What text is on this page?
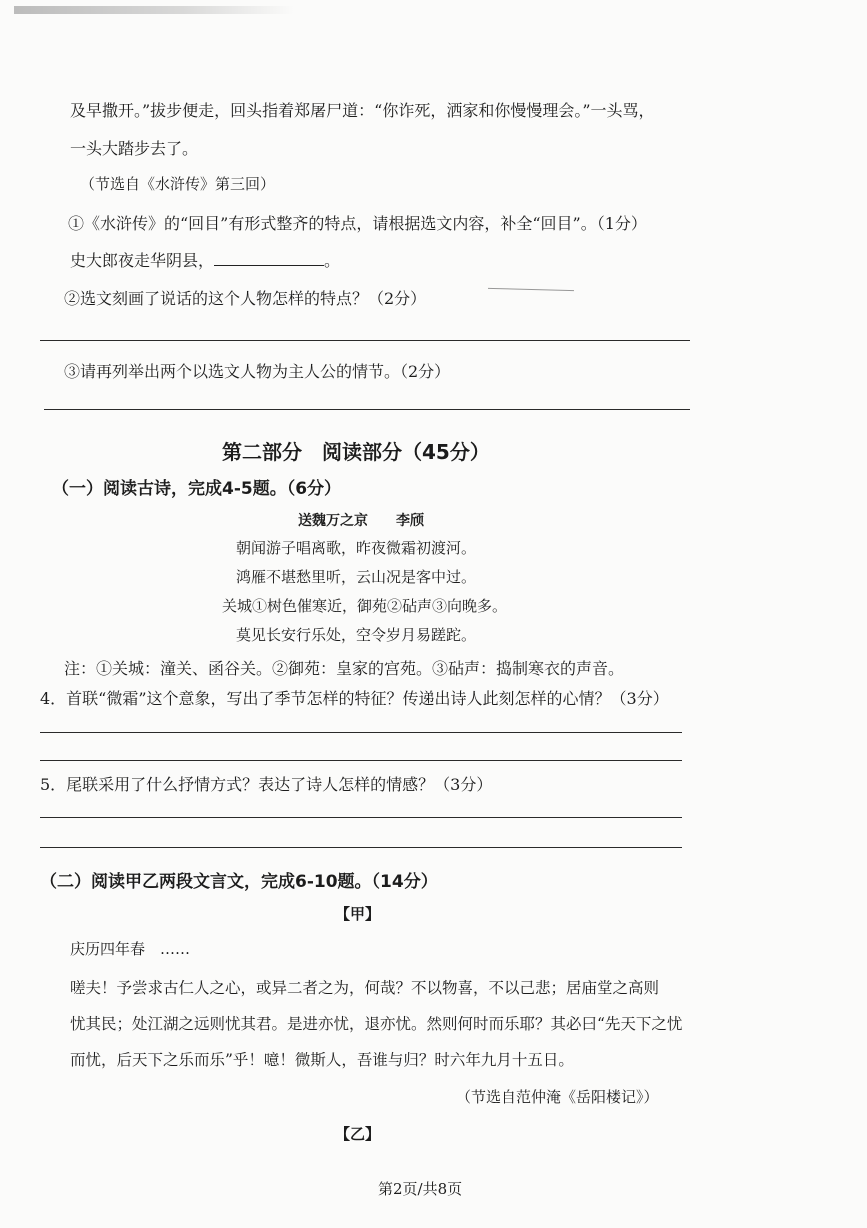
及早撒开。”拔步便走，回头指着郑屠尸道：“你诈死，洒家和你慢慢理会。”一头骂，
一头大踏步去了。
（节选自《水浒传》第三回）
①《水浒传》的“回目”有形式整齐的特点，请根据选文内容，补全“回目”。（1分）
史大郎夜走华阴县，	。
②选文刻画了说话的这个人物怎样的特点？（2分）
③请再列举出两个以选文人物为主人公的情节。（2分）
第二部分　阅读部分（45分）
（一）阅读古诗，完成4-5题。（6分）
送魏万之京　　李颀
朝闻游子唱离歌，昨夜微霜初渡河。
鸿雁不堪愁里听，云山况是客中过。
关城①树色催寒近，御苑②砧声③向晚多。
莫见长安行乐处，空令岁月易蹉跎。
注：①关城：潼关、函谷关。②御苑：皇家的宫苑。③砧声：捣制寒衣的声音。
4．首联“微霜”这个意象，写出了季节怎样的特征？传递出诗人此刻怎样的心情？（3分）
5．尾联采用了什么抒情方式？表达了诗人怎样的情感？（3分）
（二）阅读甲乙两段文言文，完成6-10题。（14分）
【甲】
庆历四年春　……
嗟夫！予尝求古仁人之心，或异二者之为，何哉？不以物喜，不以己悲；居庙堂之高则
忧其民；处江湖之远则忧其君。是进亦忧，退亦忧。然则何时而乐耶？其必曰“先天下之忧
而忧，后天下之乐而乐”乎！噫！微斯人，吾谁与归？时六年九月十五日。
（节选自范仲淹《岳阳楼记》）
【乙】
第2页/共8页
